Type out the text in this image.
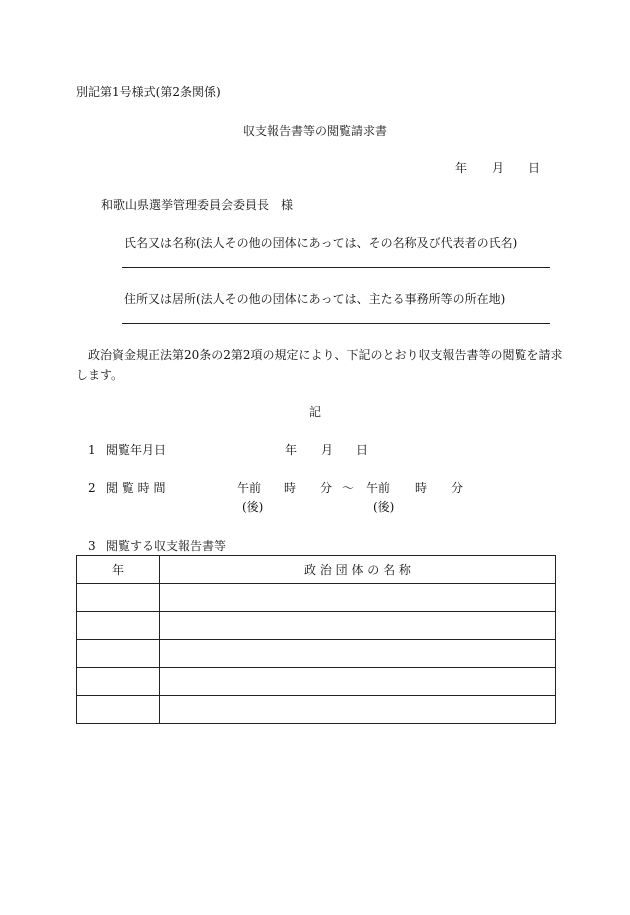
別記第1号様式(第2条関係)
収支報告書等の閲覧請求書
年 月 日
和歌山県選挙管理委員会委員長　様
氏名又は名称(法人その他の団体にあっては、その名称及び代表者の氏名)
住所又は居所(法人その他の団体にあっては、主たる事務所等の所在地)
政治資金規正法第20条の2第2項の規定により、下記のとおり収支報告書等の閲覧を請求
します。
記
1 閲覧年月日	年 月 日
2 閲 覧 時 間	午前 時 分 ～ 午前 時 分
(後)	(後)
3 閲覧する収支報告書等
年	政 治 団 体 の 名 称
